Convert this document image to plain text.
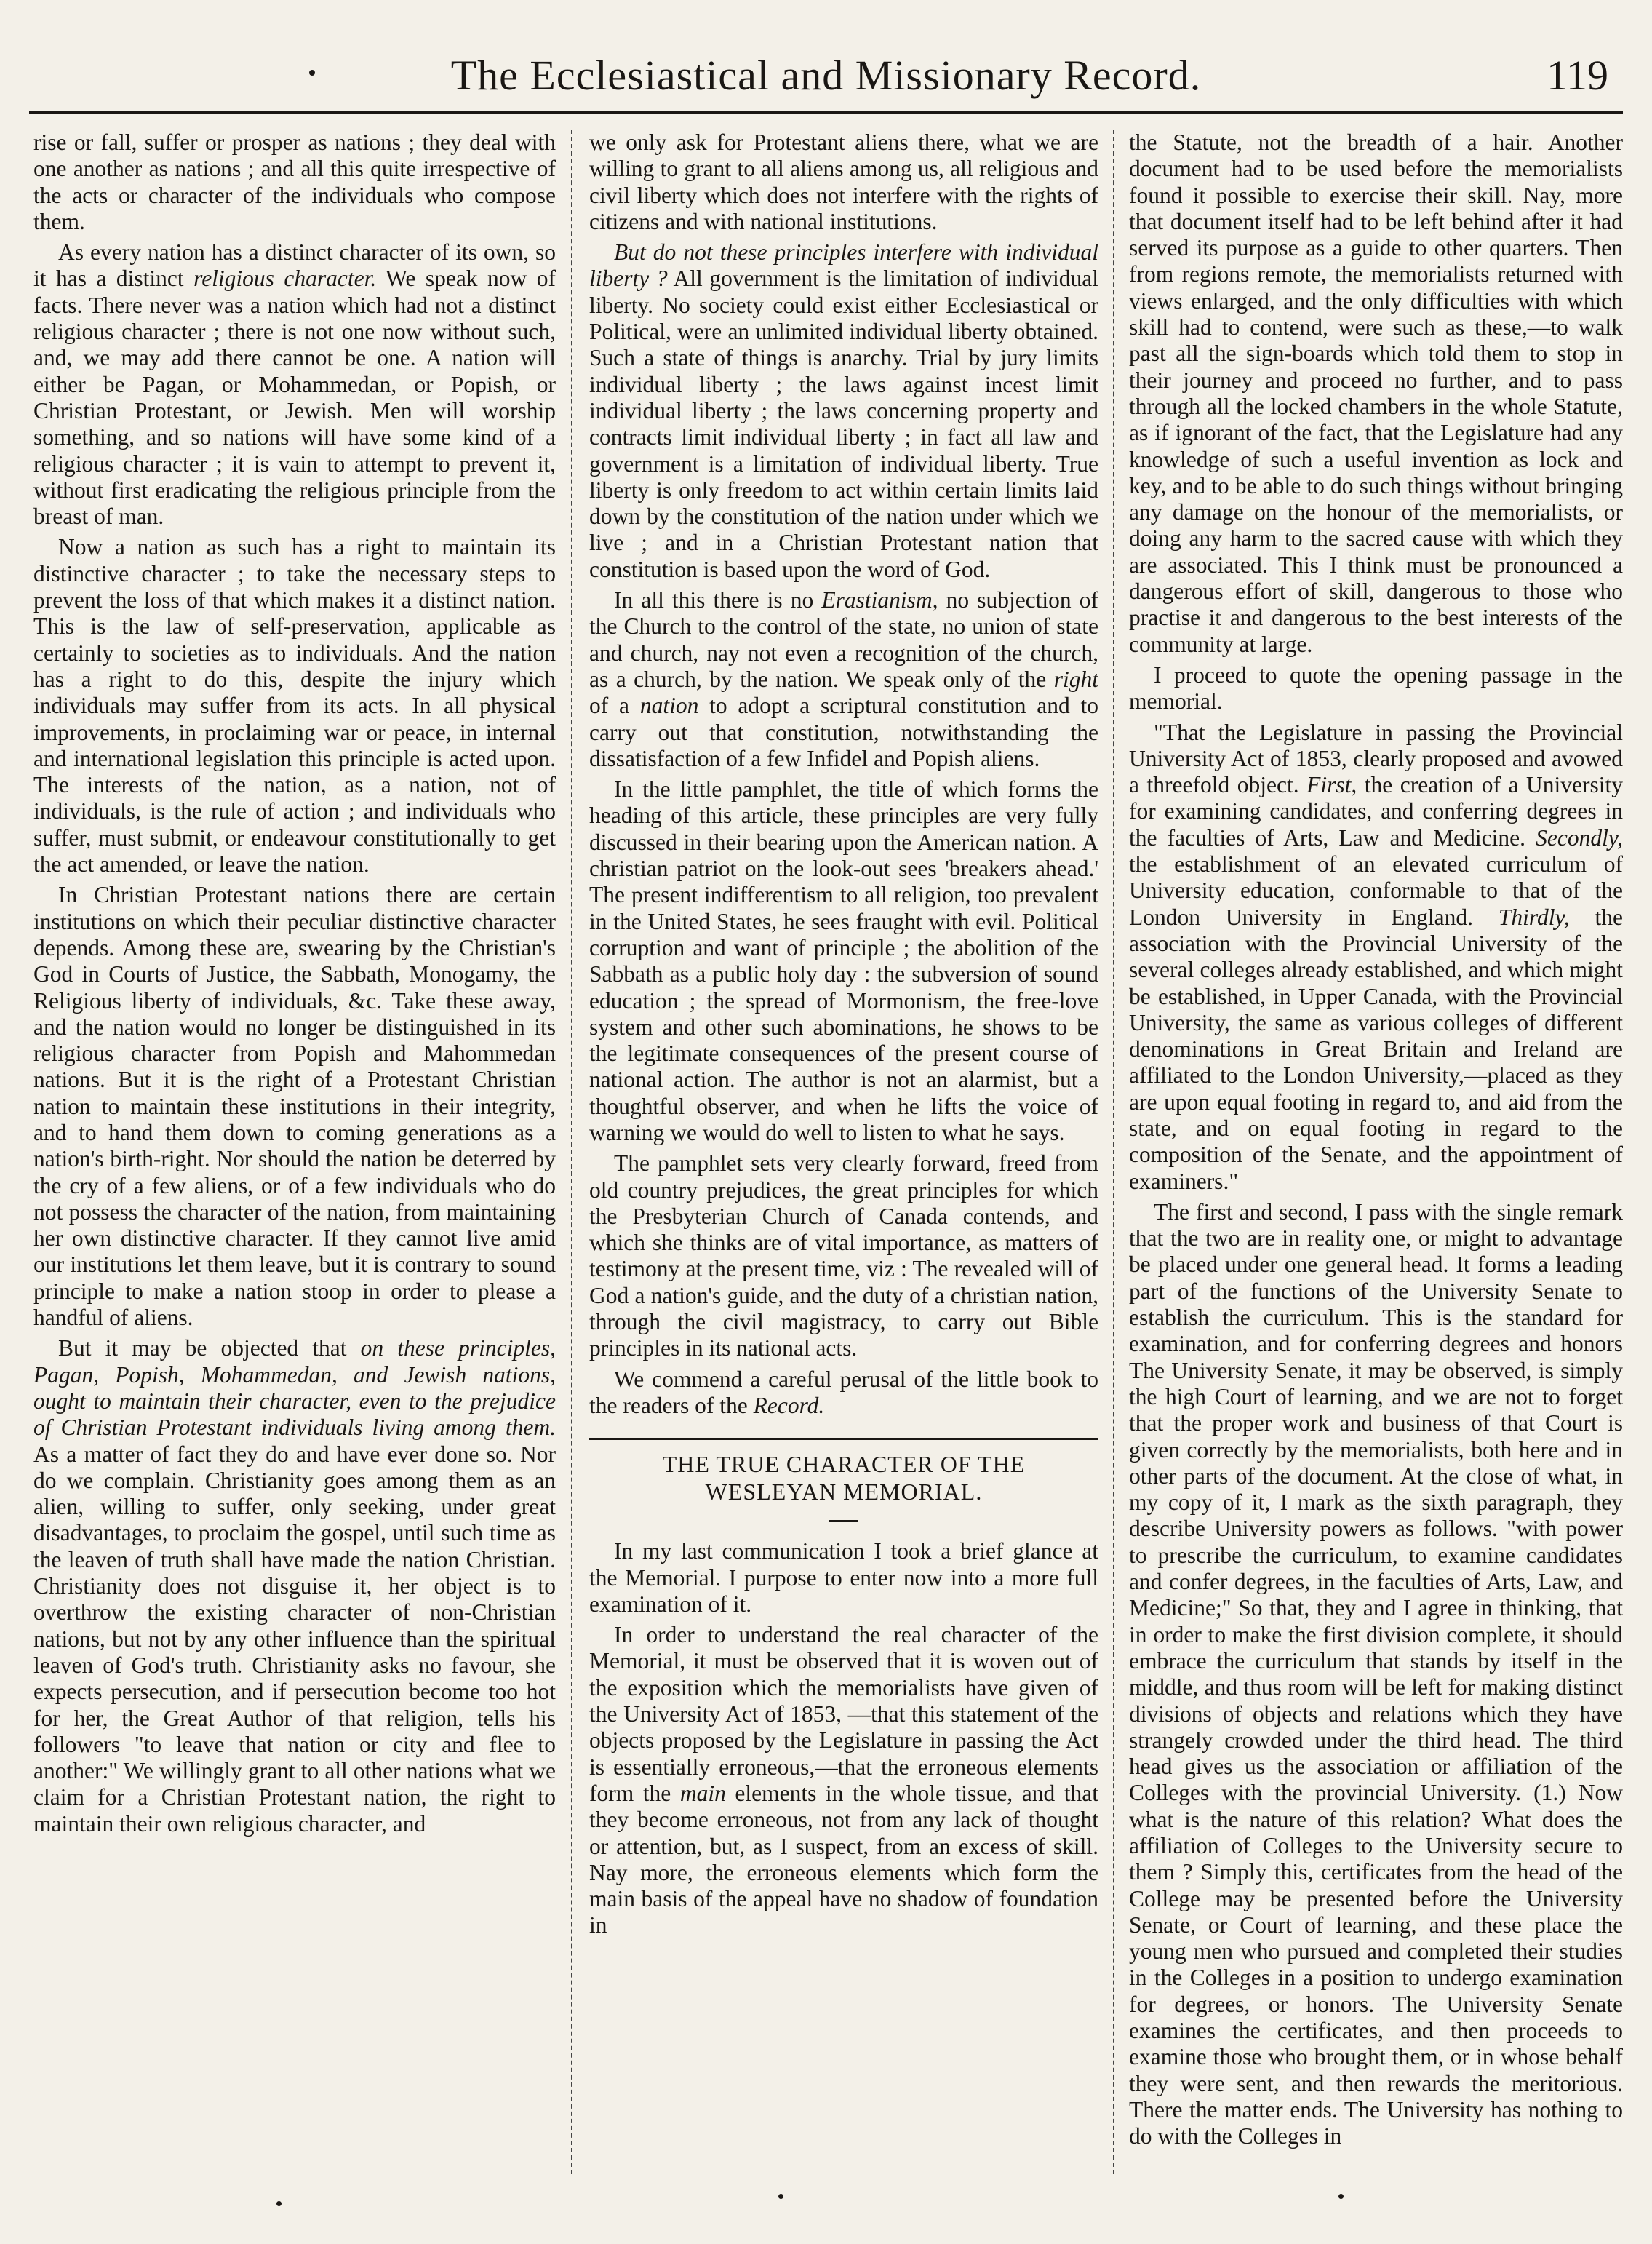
The Ecclesiastical and Missionary Record.	119

rise or fall, suffer or prosper as nations ; they deal with one another as nations ; and all this quite irrespective of the acts or character of the individuals who compose them.

As every nation has a distinct character of its own, so it has a distinct religious character. We speak now of facts. There never was a nation which had not a distinct religious character ; there is not one now without such, and, we may add there cannot be one. A nation will either be Pagan, or Mohammedan, or Popish, or Christian Protestant, or Jewish. Men will worship something, and so nations will have some kind of a religious character ; it is vain to attempt to prevent it, without first eradicating the religious principle from the breast of man.

Now a nation as such has a right to maintain its distinctive character ; to take the necessary steps to prevent the loss of that which makes it a distinct nation. This is the law of self-preservation, applicable as certainly to societies as to individuals. And the nation has a right to do this, despite the injury which individuals may suffer from its acts. In all physical improvements, in proclaiming war or peace, in internal and international legislation this principle is acted upon. The interests of the nation, as a nation, not of individuals, is the rule of action ; and individuals who suffer, must submit, or endeavour constitutionally to get the act amended, or leave the nation.

In Christian Protestant nations there are certain institutions on which their peculiar distinctive character depends. Among these are, swearing by the Christian's God in Courts of Justice, the Sabbath, Monogamy, the Religious liberty of individuals, &c. Take these away, and the nation would no longer be distinguished in its religious character from Popish and Mahommedan nations. But it is the right of a Protestant Christian nation to maintain these institutions in their integrity, and to hand them down to coming generations as a nation's birth-right. Nor should the nation be deterred by the cry of a few aliens, or of a few individuals who do not possess the character of the nation, from maintaining her own distinctive character. If they cannot live amid our institutions let them leave, but it is contrary to sound principle to make a nation stoop in order to please a handful of aliens.

But it may be objected that on these principles, Pagan, Popish, Mohammedan, and Jewish nations, ought to maintain their character, even to the prejudice of Christian Protestant individuals living among them. As a matter of fact they do and have ever done so. Nor do we complain. Christianity goes among them as an alien, willing to suffer, only seeking, under great disadvantages, to proclaim the gospel, until such time as the leaven of truth shall have made the nation Christian. Christianity does not disguise it, her object is to overthrow the existing character of non-Christian nations, but not by any other influence than the spiritual leaven of God's truth. Christianity asks no favour, she expects persecution, and if persecution become too hot for her, the Great Author of that religion, tells his followers "to leave that nation or city and flee to another:" We willingly grant to all other nations what we claim for a Christian Protestant nation, the right to maintain their own religious character, and

we only ask for Protestant aliens there, what we are willing to grant to all aliens among us, all religious and civil liberty which does not interfere with the rights of citizens and with national institutions.

But do not these principles interfere with individual liberty ? All government is the limitation of individual liberty. No society could exist either Ecclesiastical or Political, were an unlimited individual liberty obtained. Such a state of things is anarchy. Trial by jury limits individual liberty ; the laws against incest limit individual liberty ; the laws concerning property and contracts limit individual liberty ; in fact all law and government is a limitation of individual liberty. True liberty is only freedom to act within certain limits laid down by the constitution of the nation under which we live ; and in a Christian Protestant nation that constitution is based upon the word of God.

In all this there is no Erastianism, no subjection of the Church to the control of the state, no union of state and church, nay not even a recognition of the church, as a church, by the nation. We speak only of the right of a nation to adopt a scriptural constitution and to carry out that constitution, notwithstanding the dissatisfaction of a few Infidel and Popish aliens.

In the little pamphlet, the title of which forms the heading of this article, these principles are very fully discussed in their bearing upon the American nation. A christian patriot on the look-out sees 'breakers ahead.' The present indifferentism to all religion, too prevalent in the United States, he sees fraught with evil. Political corruption and want of principle ; the abolition of the Sabbath as a public holy day : the subversion of sound education ; the spread of Mormonism, the free-love system and other such abominations, he shows to be the legitimate consequences of the present course of national action. The author is not an alarmist, but a thoughtful observer, and when he lifts the voice of warning we would do well to listen to what he says.

The pamphlet sets very clearly forward, freed from old country prejudices, the great principles for which the Presbyterian Church of Canada contends, and which she thinks are of vital importance, as matters of testimony at the present time, viz : The revealed will of God a nation's guide, and the duty of a christian nation, through the civil magistracy, to carry out Bible principles in its national acts.

We commend a careful perusal of the little book to the readers of the Record.

THE TRUE CHARACTER OF THE WESLEYAN MEMORIAL.

In my last communication I took a brief glance at the Memorial. I purpose to enter now into a more full examination of it.

In order to understand the real character of the Memorial, it must be observed that it is woven out of the exposition which the memorialists have given of the University Act of 1853, —that this statement of the objects proposed by the Legislature in passing the Act is essentially erroneous,—that the erroneous elements form the main elements in the whole tissue, and that they become erroneous, not from any lack of thought or attention, but, as I suspect, from an excess of skill. Nay more, the erroneous elements which form the main basis of the appeal have no shadow of foundation in

the Statute, not the breadth of a hair. Another document had to be used before the memorialists found it possible to exercise their skill. Nay, more that document itself had to be left behind after it had served its purpose as a guide to other quarters. Then from regions remote, the memorialists returned with views enlarged, and the only difficulties with which skill had to contend, were such as these,—to walk past all the sign-boards which told them to stop in their journey and proceed no further, and to pass through all the locked chambers in the whole Statute, as if ignorant of the fact, that the Legislature had any knowledge of such a useful invention as lock and key, and to be able to do such things without bringing any damage on the honour of the memorialists, or doing any harm to the sacred cause with which they are associated. This I think must be pronounced a dangerous effort of skill, dangerous to those who practise it and dangerous to the best interests of the community at large.

I proceed to quote the opening passage in the memorial.

"That the Legislature in passing the Provincial University Act of 1853, clearly proposed and avowed a threefold object. First, the creation of a University for examining candidates, and conferring degrees in the faculties of Arts, Law and Medicine. Secondly, the establishment of an elevated curriculum of University education, conformable to that of the London University in England. Thirdly, the association with the Provincial University of the several colleges already established, and which might be established, in Upper Canada, with the Provincial University, the same as various colleges of different denominations in Great Britain and Ireland are affiliated to the London University,—placed as they are upon equal footing in regard to, and aid from the state, and on equal footing in regard to the composition of the Senate, and the appointment of examiners."

The first and second, I pass with the single remark that the two are in reality one, or might to advantage be placed under one general head. It forms a leading part of the functions of the University Senate to establish the curriculum. This is the standard for examination, and for conferring degrees and honors The University Senate, it may be observed, is simply the high Court of learning, and we are not to forget that the proper work and business of that Court is given correctly by the memorialists, both here and in other parts of the document. At the close of what, in my copy of it, I mark as the sixth paragraph, they describe University powers as follows. "with power to prescribe the curriculum, to examine candidates and confer degrees, in the faculties of Arts, Law, and Medicine;" So that, they and I agree in thinking, that in order to make the first division complete, it should embrace the curriculum that stands by itself in the middle, and thus room will be left for making distinct divisions of objects and relations which they have strangely crowded under the third head. The third head gives us the association or affiliation of the Colleges with the provincial University. (1.) Now what is the nature of this relation? What does the affiliation of Colleges to the University secure to them ? Simply this, certificates from the head of the College may be presented before the University Senate, or Court of learning, and these place the young men who pursued and completed their studies in the Colleges in a position to undergo examination for degrees, or honors. The University Senate examines the certificates, and then proceeds to examine those who brought them, or in whose behalf they were sent, and then rewards the meritorious. There the matter ends. The University has nothing to do with the Colleges in
